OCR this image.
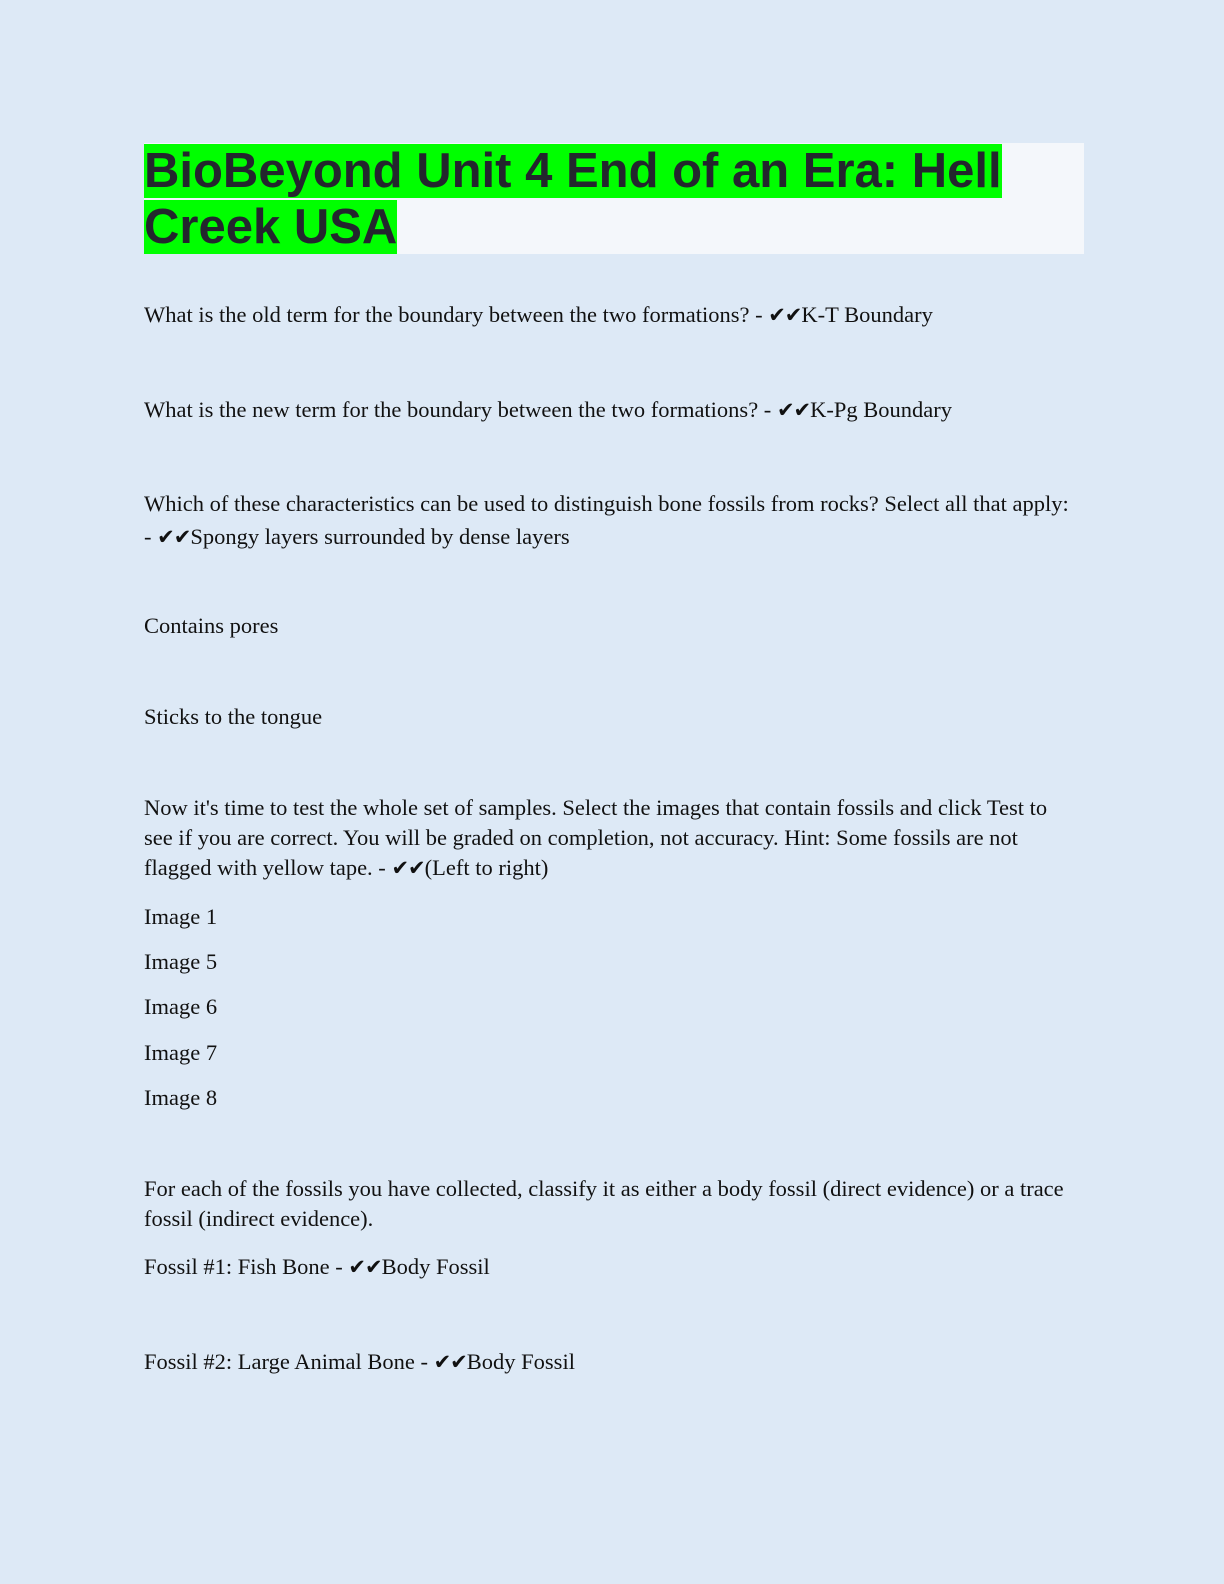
BioBeyond Unit 4 End of an Era: Hell Creek USA

What is the old term for the boundary between the two formations? - ✔✔K-T Boundary

What is the new term for the boundary between the two formations? - ✔✔K-Pg Boundary

Which of these characteristics can be used to distinguish bone fossils from rocks? Select all that apply: - ✔✔Spongy layers surrounded by dense layers

Contains pores

Sticks to the tongue

Now it's time to test the whole set of samples. Select the images that contain fossils and click Test to see if you are correct. You will be graded on completion, not accuracy. Hint: Some fossils are not flagged with yellow tape. - ✔✔(Left to right)

Image 1

Image 5

Image 6

Image 7

Image 8

For each of the fossils you have collected, classify it as either a body fossil (direct evidence) or a trace fossil (indirect evidence).

Fossil #1: Fish Bone - ✔✔Body Fossil

Fossil #2: Large Animal Bone - ✔✔Body Fossil
